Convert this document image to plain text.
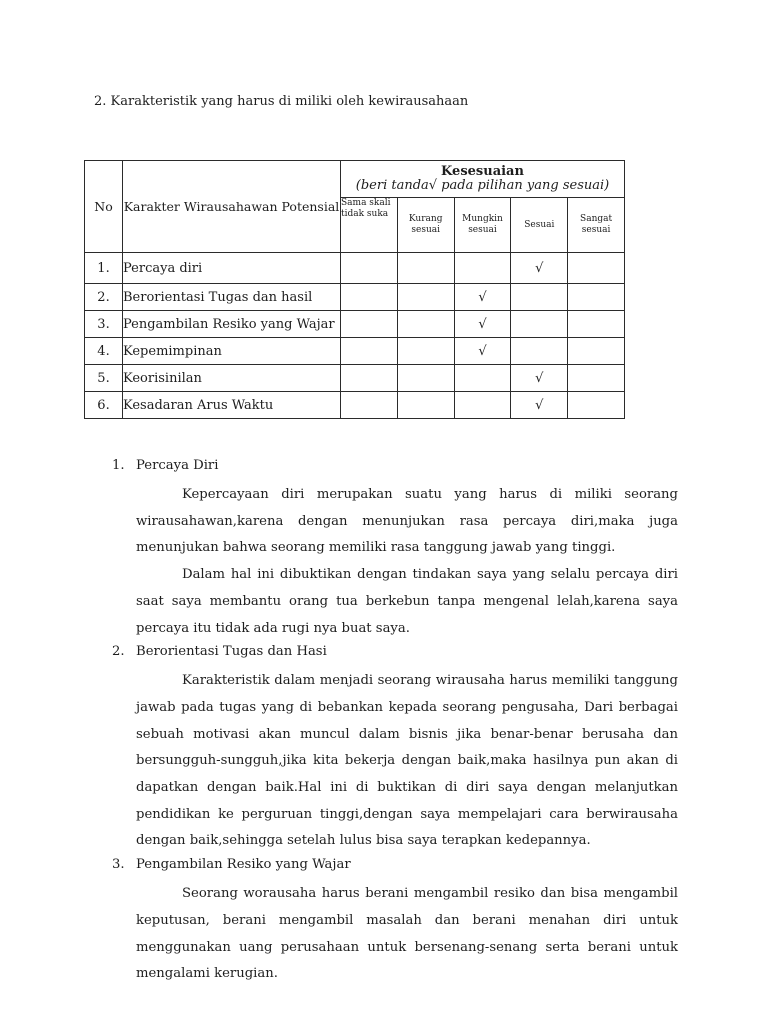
2. Karakteristik yang harus di miliki oleh kewirausahaan
No	Karakter Wirausahawan Potensial	Kesesuaian
(beri tanda√ pada pilihan yang sesuai)				

		Sama skali tidak suka	Kurang sesuai	Mungkin sesuai	Sesuai	Sangat sesuai
1.	Percaya diri				√	
2.	Berorientasi Tugas dan hasil			√		
3.	Pengambilan Resiko yang Wajar			√		
4.	Kepemimpinan			√		
5.	Keorisinilan				√	
6.	Kesadaran Arus Waktu				√	
1. Percaya Diri
Kepercayaan diri merupakan suatu yang harus di miliki seorang wirausahawan,karena dengan menunjukan rasa percaya diri,maka juga menunjukan bahwa seorang memiliki rasa tanggung jawab yang tinggi.
Dalam hal ini dibuktikan dengan tindakan saya yang selalu percaya diri saat saya membantu orang tua berkebun tanpa mengenal lelah,karena saya percaya itu tidak ada rugi nya buat saya.
2. Berorientasi Tugas dan Hasi
Karakteristik dalam menjadi seorang wirausaha harus memiliki tanggung jawab pada tugas yang di bebankan kepada seorang pengusaha, Dari berbagai sebuah motivasi akan muncul dalam bisnis jika benar-benar berusaha dan bersungguh-sungguh,jika kita bekerja dengan baik,maka hasilnya pun akan di dapatkan dengan baik.Hal ini di buktikan di diri saya dengan melanjutkan pendidikan ke perguruan tinggi,dengan saya mempelajari cara berwirausaha dengan baik,sehingga setelah lulus bisa saya terapkan kedepannya.
3. Pengambilan Resiko yang Wajar
Seorang worausaha harus berani mengambil resiko dan bisa mengambil keputusan, berani mengambil masalah dan berani menahan diri untuk menggunakan uang perusahaan untuk bersenang-senang serta berani untuk mengalami kerugian.
